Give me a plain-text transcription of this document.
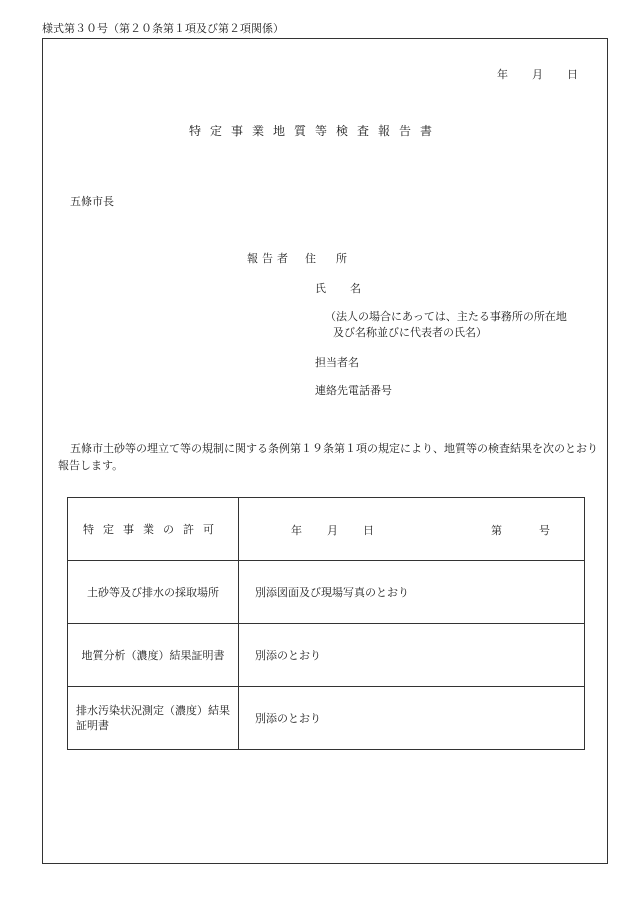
様式第３０号（第２０条第１項及び第２項関係）
年 月 日
特定事業地質等検査報告書
五條市長
報告者 住所
氏名
（法人の場合にあっては、主たる事務所の所在地
及び名称並びに代表者の氏名）
担当者名
連絡先電話番号
五條市土砂等の埋立て等の規制に関する条例第１９条第１項の規定により、地質等の検査結果を次のとおり報告します。
特定事業の許可	年 月 日 第 号

土砂等及び排水の採取場所	別添図面及び現場写真のとおり
地質分析（濃度）結果証明書	別添のとおり
排水汚染状況測定（濃度）結果証明書	別添のとおり
